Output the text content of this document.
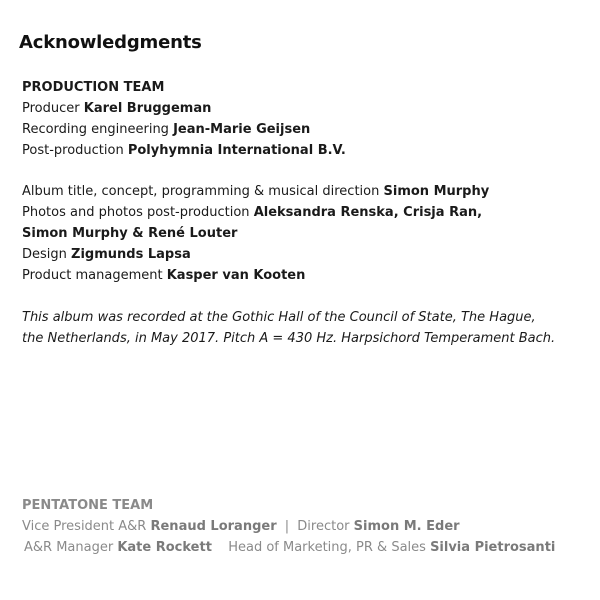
Acknowledgments
PRODUCTION TEAM
Producer Karel Bruggeman
Recording engineering Jean-Marie Geijsen
Post-production Polyhymnia International B.V.
Album title, concept, programming & musical direction Simon Murphy
Photos and photos post-production Aleksandra Renska, Crisja Ran,
Simon Murphy & René Louter
Design Zigmunds Lapsa
Product management Kasper van Kooten
This album was recorded at the Gothic Hall of the Council of State, The Hague,
the Netherlands, in May 2017. Pitch A = 430 Hz. Harpsichord Temperament Bach.
PENTATONE TEAM
Vice President A&R Renaud Loranger | Director Simon M. Eder
A&R Manager Kate Rockett Head of Marketing, PR & Sales Silvia Pietrosanti
